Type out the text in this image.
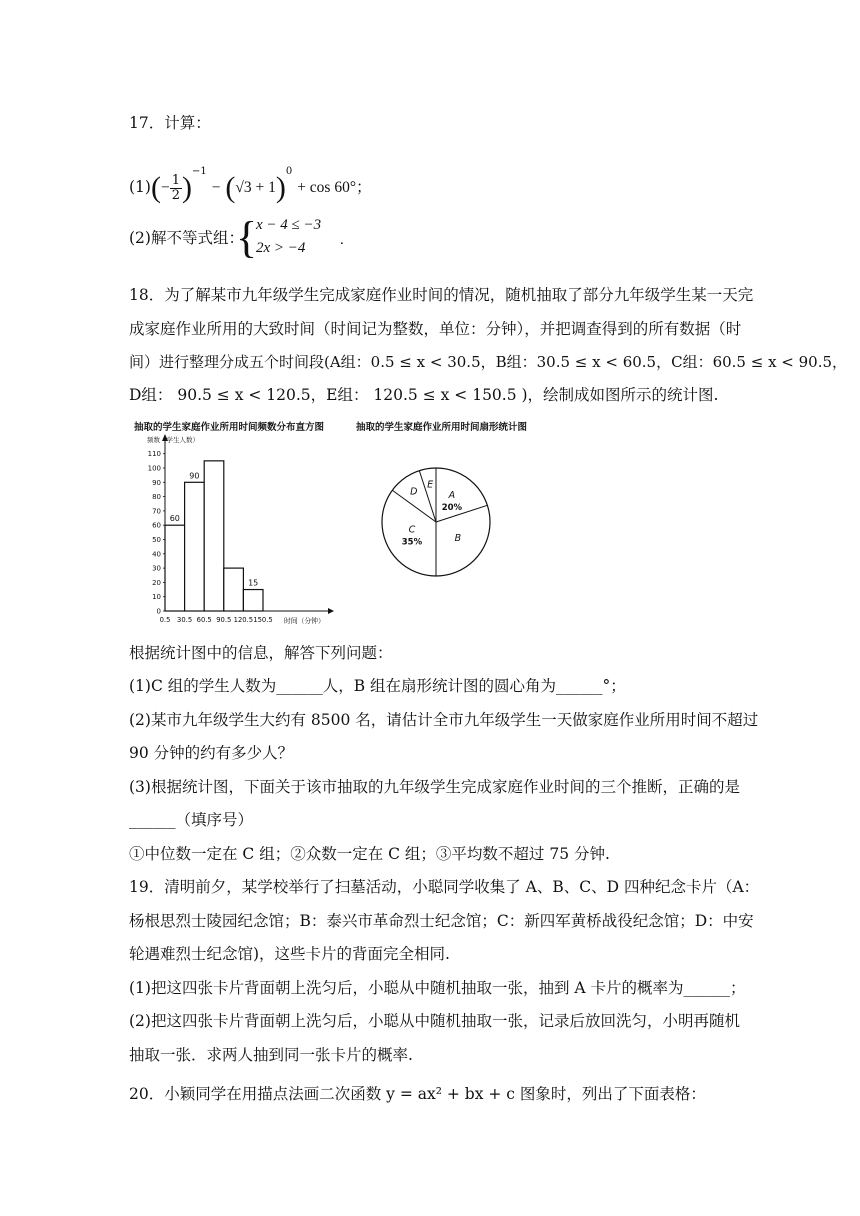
17．计算：
$(1)(- \frac{1}{2} )^{-1} - (√3 + 1)^0 + \cos 60^\circ$；
(2)解不等式组：
{
x − 4 ≤ −3
2x > −4 .
18．为了解某市九年级学生完成家庭作业时间的情况，随机抽取了部分九年级学生某一天完
成家庭作业所用的大致时间（时间记为整数，单位：分钟），并把调查得到的所有数据（时
间）进行整理分成五个时间段(A组：0.5 ≤ x < 30.5，B组：30.5 ≤ x < 60.5，C组：60.5 ≤ x < 90.5，
D组： 90.5 ≤ x < 120.5，E组： 120.5 ≤ x < 150.5 )，绘制成如图所示的统计图.
抽取的学生家庭作业所用时间频数分布直方图	抽取的学生家庭作业所用时间扇形统计图
频数（学生人数）
0
10
20
30
40
50
60
70
80
90
100
110
0.5 30.5 60.5 90.5 120.5 150.5 时间（分钟）
60
90
15
A
20%
B
C
35%
D
E
根据统计图中的信息，解答下列问题：
(1)C 组的学生人数为______人，B 组在扇形统计图的圆心角为______°；
(2)某市九年级学生大约有 8500 名，请估计全市九年级学生一天做家庭作业所用时间不超过
90 分钟的约有多少人？
(3)根据统计图，下面关于该市抽取的九年级学生完成家庭作业时间的三个推断，正确的是
______（填序号）
①中位数一定在 C 组；②众数一定在 C 组；③平均数不超过 75 分钟.
19．清明前夕，某学校举行了扫墓活动，小聪同学收集了 A、B、C、D 四种纪念卡片（A：
杨根思烈士陵园纪念馆；B：泰兴市革命烈士纪念馆；C：新四军黄桥战役纪念馆；D：中安
轮遇难烈士纪念馆)，这些卡片的背面完全相同.
(1)把这四张卡片背面朝上洗匀后，小聪从中随机抽取一张，抽到 A 卡片的概率为______；
(2)把这四张卡片背面朝上洗匀后，小聪从中随机抽取一张，记录后放回洗匀，小明再随机
抽取一张．求两人抽到同一张卡片的概率.
20．小颖同学在用描点法画二次函数 y = ax² + bx + c 图象时，列出了下面表格：
